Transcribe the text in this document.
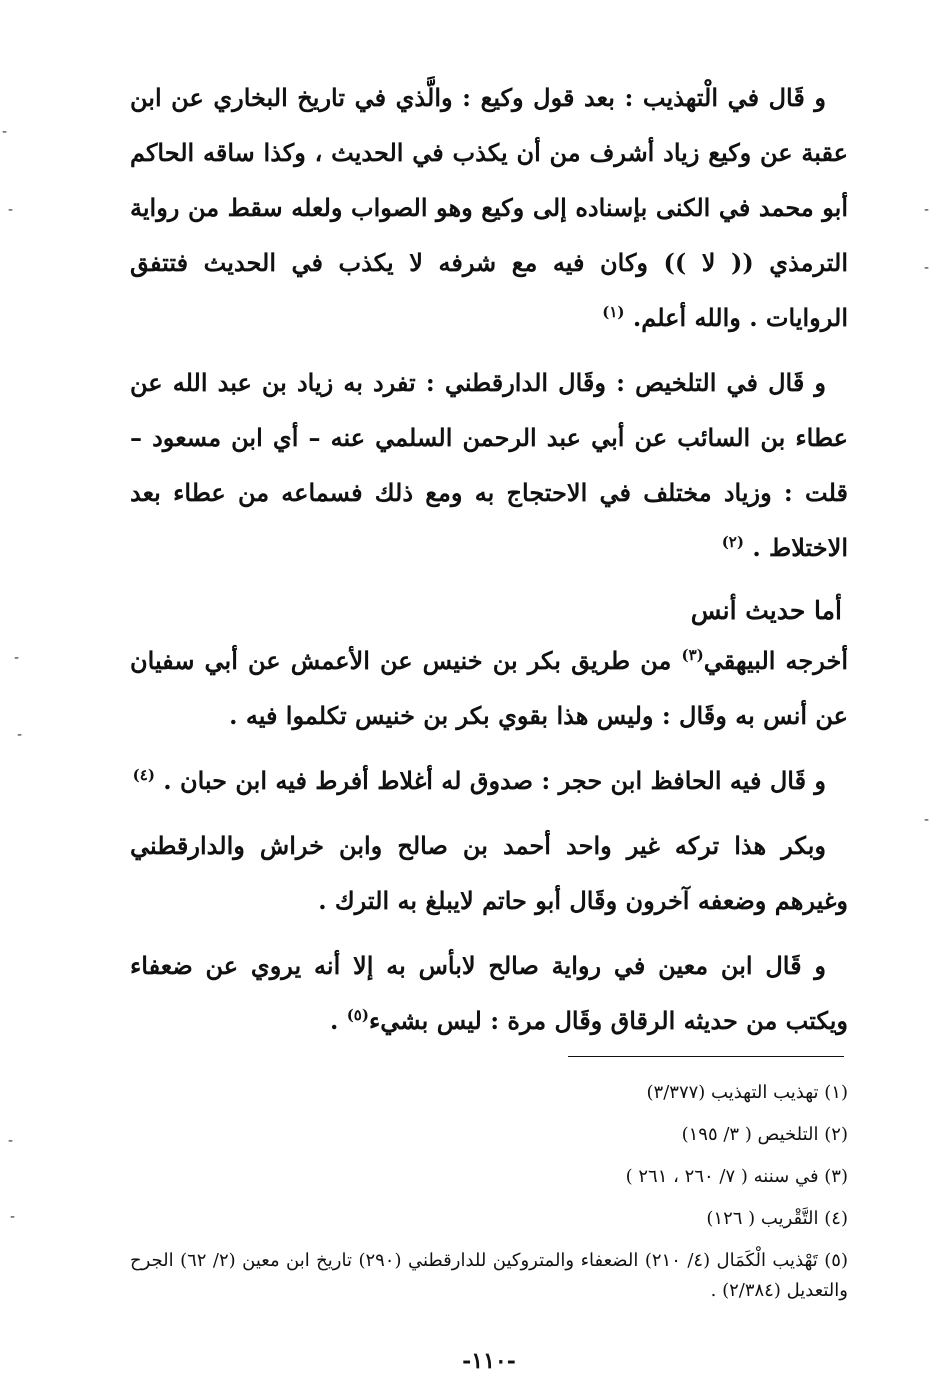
و قَال في الْتهذيب : بعد قول وكيع : والَّذي في تاريخ البخاري عن ابن عقبة عن وكيع زياد أشرف من أن يكذب في الحديث ، وكذا ساقه الحاكم أبو محمد في الكنى بإسناده إلى وكيع وهو الصواب ولعله سقط من رواية الترمذي (( لا )) وكان فيه مع شرفه لا يكذب في الحديث فتتفق الروايات . والله أعلم. $^{(١)}$

و قَال في التلخيص : وقَال الدارقطني : تفرد به زياد بن عبد الله عن عطاء بن السائب عن أبي عبد الرحمن السلمي عنه – أي ابن مسعود – قلت : وزياد مختلف في الاحتجاج به ومع ذلك فسماعه من عطاء بعد الاختلاط . $^{(٢)}$

أما حديث أنس

أخرجه البيهقي$^{(٣)}$ من طريق بكر بن خنيس عن الأعمش عن أبي سفيان عن أنس به وقَال : وليس هذا بقوي بكر بن خنيس تكلموا فيه .

و قَال فيه الحافظ ابن حجر : صدوق له أغلاط أفرط فيه ابن حبان . $^{(٤)}$

وبكر هذا تركه غير واحد أحمد بن صالح وابن خراش والدارقطني وغيرهم وضعفه آخرون وقَال أبو حاتم لايبلغ به الترك .

و قَال ابن معين في رواية صالح لابأس به إلا أنه يروي عن ضعفاء ويكتب من حديثه الرقاق وقَال مرة : ليس بشيء$^{(٥)}$ .

(١) تهذيب التهذيب (٣/٣٧٧)
(٢) التلخيص ( ٣/ ١٩٥)
(٣) في سننه ( ٧/ ٢٦٠ ، ٢٦١ )
(٤) التَّقْريب ( ١٢٦)
(٥) تَهْذيب الْكَمَال (٤/ ٢١٠) الضعفاء والمتروكين للدارقطني (٢٩٠) تاريخ ابن معين (٢/ ٦٢) الجرح والتعديل (٢/٣٨٤) .
-١١٠-
-
-	-
-
-
-
-
-
-
